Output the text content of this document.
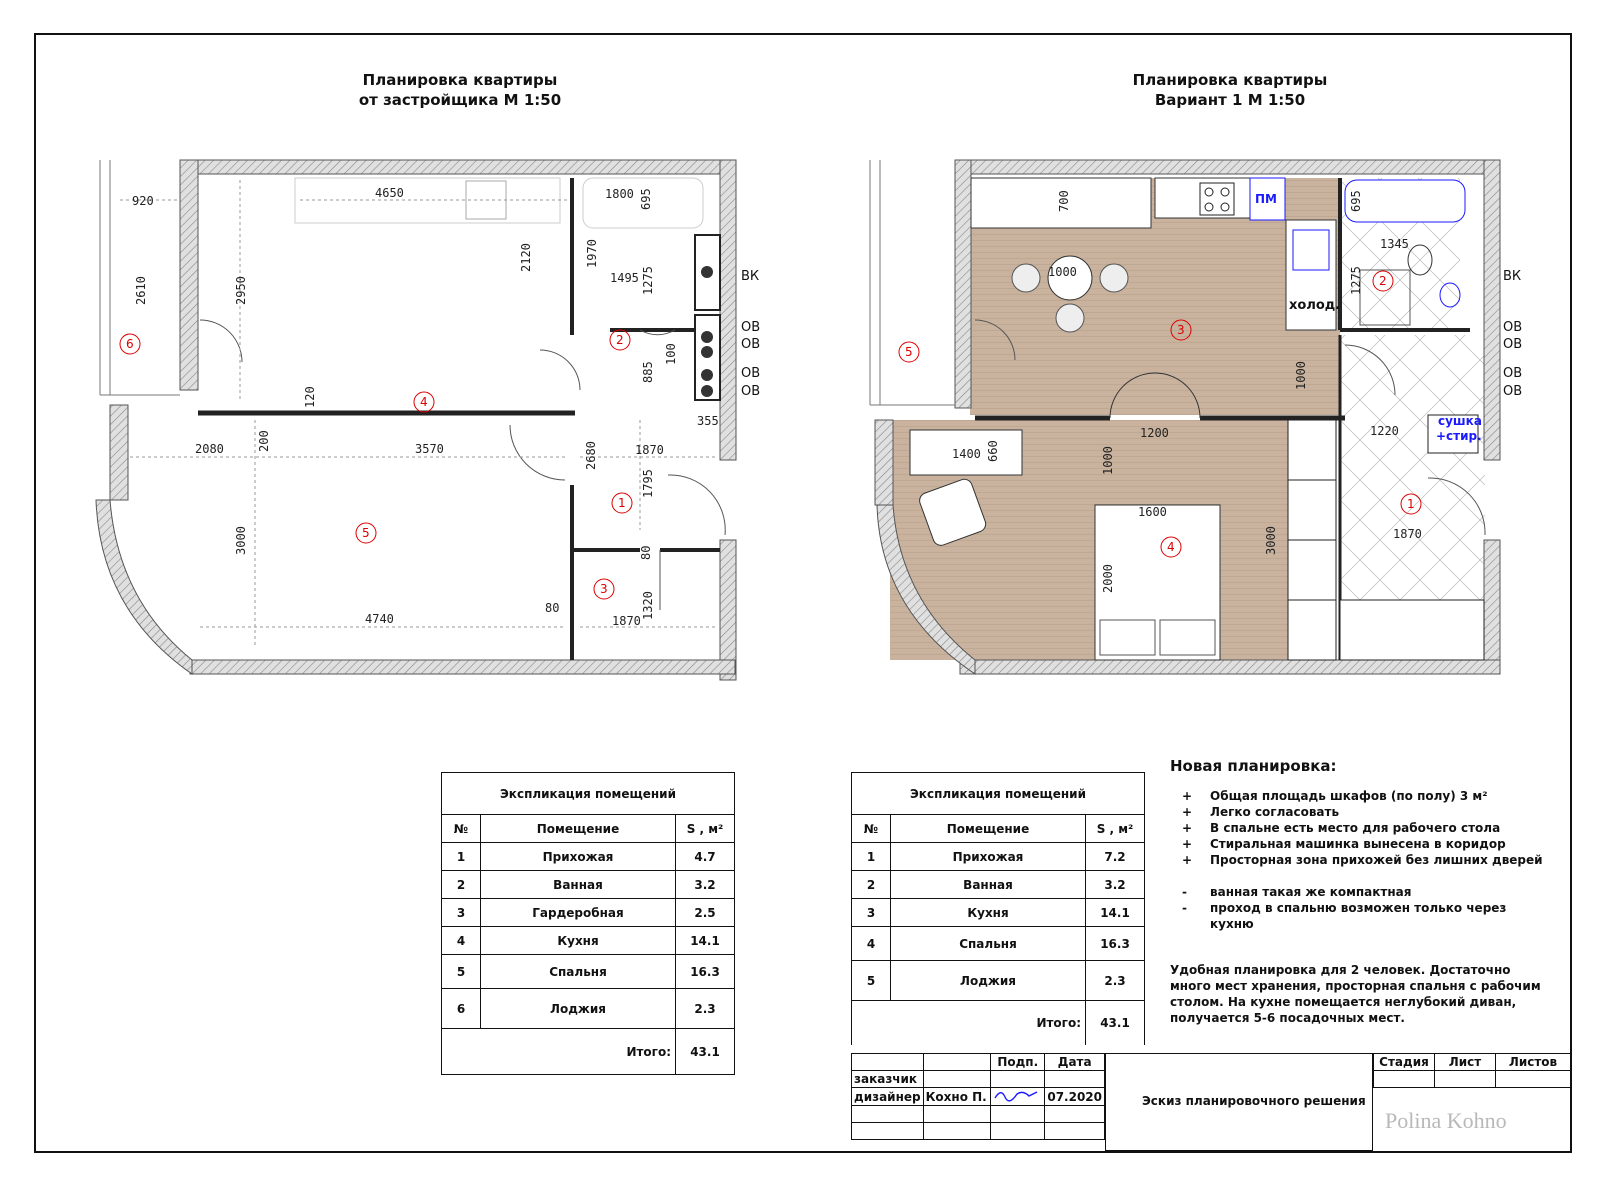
Планировка квартиры
от застройщика М 1:50
Планировка квартиры
Вариант 1 М 1:50
920
4650	1800 695
2610	2950
2120	1970
1495 1275
885
100
120
355
2080	200	3570	2680	1870
1795
3000
4740
80
80
1870
1320
1
2
3
4
5
6
ВК
ОВ
ОВ
ОВ
ОВ
700	695
1345
1275
1000
1000
1200
1400 660	1000
1600
2000
3000
1220
1870
1
2
3
4
5
ПМ
холод.
сушка
+стир.
ВК
ОВ
ОВ
ОВ
ОВ
Экспликация помещений		
№	Помещение	S , м²
1	Прихожая	4.7
2	Ванная	3.2
3	Гардеробная	2.5
4	Кухня	14.1
5	Спальня	16.3
6	Лоджия	2.3
Итого:		43.1
Экспликация помещений		
№	Помещение	S , м²
1	Прихожая	7.2
2	Ванная	3.2
3	Кухня	14.1
4	Спальня	16.3
5	Лоджия	2.3
Итого:		43.1
Новая планировка:
+ Общая площадь шкафов (по полу) 3 м²
+ Легко согласовать
+ В спальне есть место для рабочего стола
+ Стиральная машинка вынесена в коридор
+ Просторная зона прихожей без лишних дверей
- ванная такая же компактная
- проход в спальню возможен только через кухню

Удобная планировка для 2 человек. Достаточно много мест хранения, просторная спальня с рабочим столом. На кухне помещается неглубокий диван, получается 5-6 посадочных мест.

		Подп.	Дата
заказчик			
дизайнер	Кохно П.		07.2020

				Эскиз планировочного решения
Стадия	Лист	Листов

Polina Kohno
